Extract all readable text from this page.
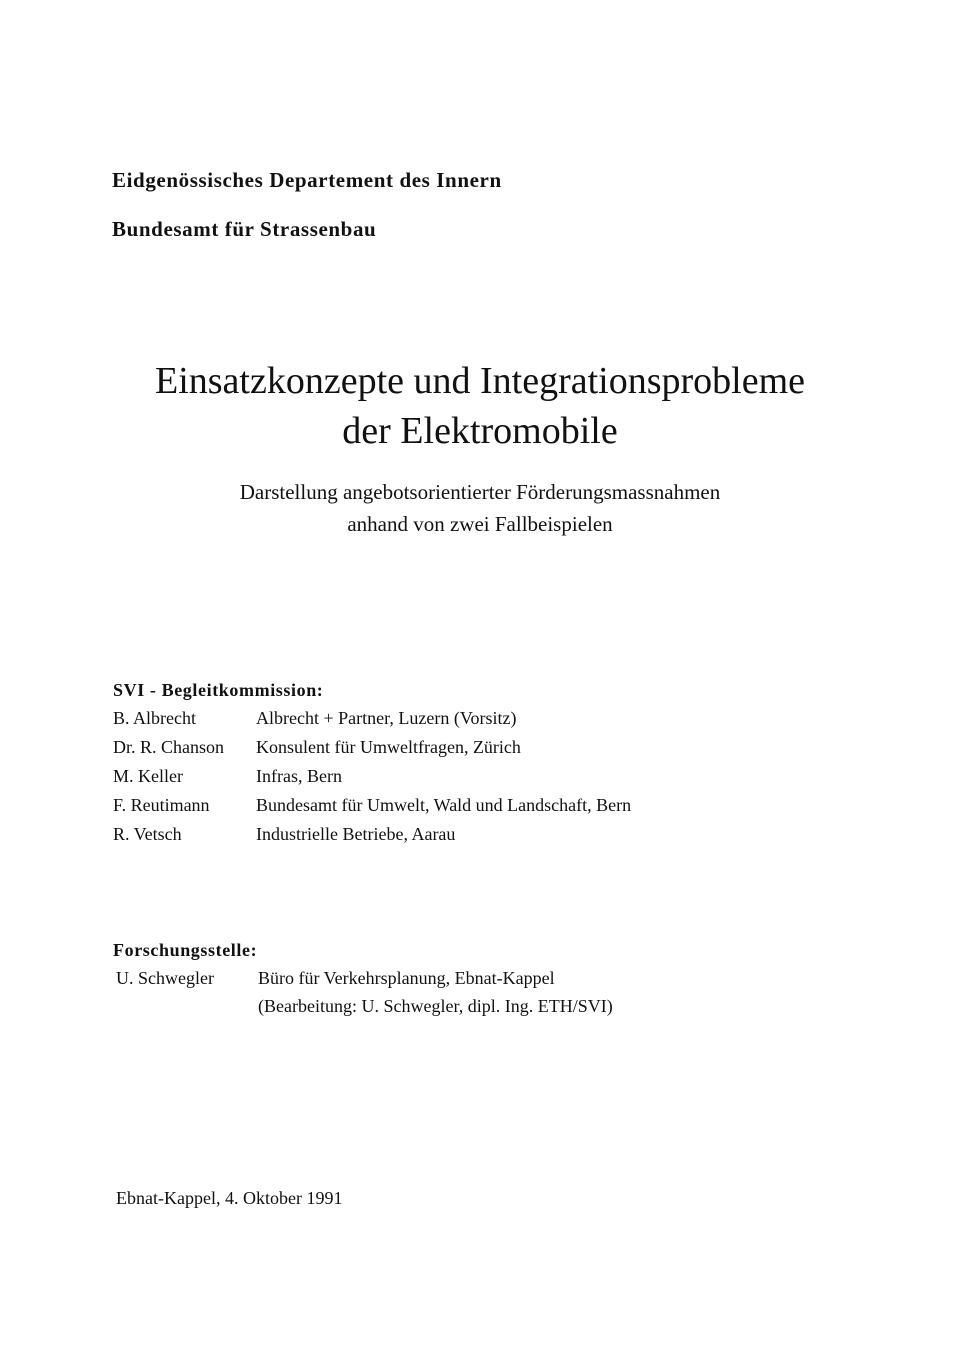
Eidgenössisches Departement des Innern
Bundesamt für Strassenbau
Einsatzkonzepte und Integrationsprobleme
der Elektromobile
Darstellung angebotsorientierter Förderungsmassnahmen
anhand von zwei Fallbeispielen
SVI - Begleitkommission:
B. Albrecht	Albrecht + Partner, Luzern (Vorsitz)
Dr. R. Chanson Konsulent für Umweltfragen, Zürich
M. Keller	Infras, Bern
F. Reutimann	Bundesamt für Umwelt, Wald und Landschaft, Bern
R. Vetsch	Industrielle Betriebe, Aarau
Forschungsstelle:
U. Schwegler Büro für Verkehrsplanung, Ebnat-Kappel
(Bearbeitung: U. Schwegler, dipl. Ing. ETH/SVI)
Ebnat-Kappel, 4. Oktober 1991
